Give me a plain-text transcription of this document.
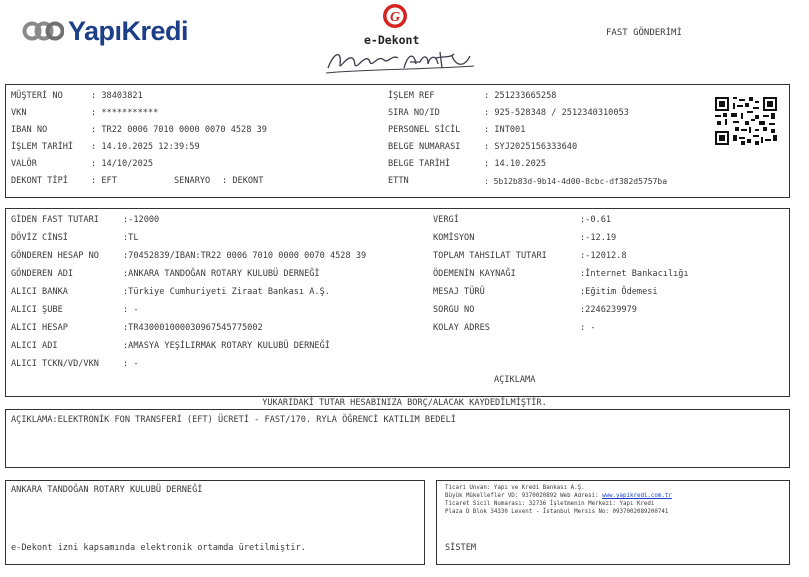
YapıKredi	G
e-Dekont	FAST GÖNDERİMİ
MÜŞTERİ NO	: 38403821
VKN	: ***********
IBAN NO	: TR22 0006 7010 0000 0070 4528 39
İŞLEM TARİHİ : 14.10.2025 12:39:59
VALÖR	: 14/10/2025
DEKONT TİPİ	: EFT	SENARYO : DEKONT
İŞLEM REF	: 251233665258
SIRA NO/ID	: 925-528348 / 2512340310053
PERSONEL SİCİL	: INT001
BELGE NUMARASI	: SYJ2025156333640
BELGE TARİHİ	: 14.10.2025
ETTN	: 5b12b83d-9b14-4d00-8cbc-df382d5757ba
GİDEN FAST TUTARI	:-12000
DÖVİZ CİNSİ	:TL
GÖNDEREN HESAP NO	:70452839/IBAN:TR22 0006 7010 0000 0070 4528 39
GÖNDEREN ADI	:ANKARA TANDOĞAN ROTARY KULUBÜ DERNEĞİ
ALICI BANKA	:Türkiye Cumhuriyeti Ziraat Bankası A.Ş.
ALICI ŞUBE	: -
ALICI HESAP	:TR430001000030967545775002
ALICI ADI	:AMASYA YEŞİLIRMAK ROTARY KULUBÜ DERNEĞİ
ALICI TCKN/VD/VKN	: -
VERGİ	:-0.61
KOMİSYON	:-12.19
TOPLAM TAHSILAT TUTARI	:-12012.8
ÖDEMENİN KAYNAĞI	:İnternet Bankacılığı
MESAJ TÜRÜ	:Eğitim Ödemesi
SORGU NO	:2246239979
KOLAY ADRES	: -
AÇIKLAMA
YUKARIDAKİ TUTAR HESABINIZA BORÇ/ALACAK KAYDEDİLMİŞTİR.
AÇIKLAMA:ELEKTRONİK FON TRANSFERİ (EFT) ÜCRETİ - FAST/170. RYLA ÖĞRENCİ KATILIM BEDELİ
ANKARA TANDOĞAN ROTARY KULUBÜ DERNEĞİ
e-Dekont izni kapsamında elektronik ortamda üretilmiştir.
Ticari Unvan: Yapı ve Kredi Bankası A.Ş.
Büyük Mükellefler VD: 9370020892 Web Adresi: www.yapikredi.com.tr
Ticaret Sicil Numarası: 32736 İşletmenin Merkezi: Yapı Kredi
Plaza D Blok 34330 Levent - İstanbul Mersis No: 0937002089200741
SİSTEM
